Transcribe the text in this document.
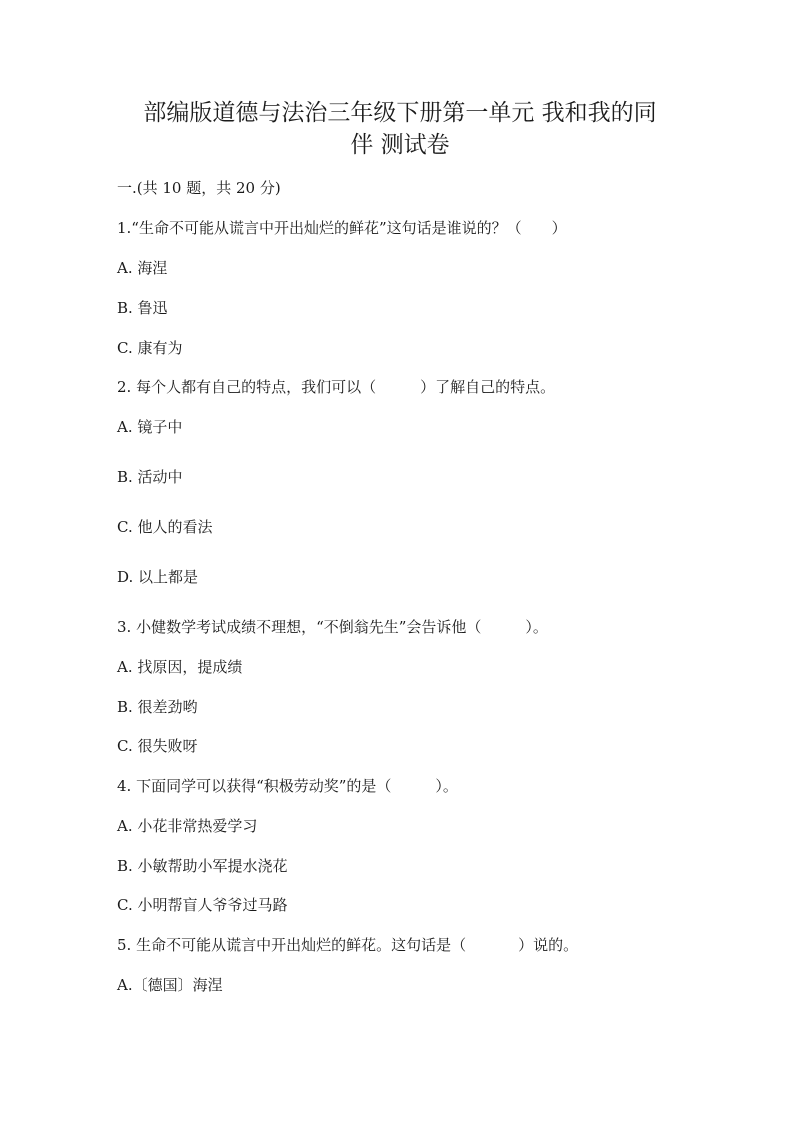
部编版道德与法治三年级下册第一单元 我和我的同
伴 测试卷

一.(共 10 题，共 20 分)

1.“生命不可能从谎言中开出灿烂的鲜花”这句话是谁说的？（ ）

A. 海涅

B. 鲁迅

C. 康有为

2. 每个人都有自己的特点，我们可以（	）了解自己的特点。

A. 镜子中

B. 活动中

C. 他人的看法

D. 以上都是

3. 小健数学考试成绩不理想，“不倒翁先生”会告诉他（	）。

A. 找原因，提成绩

B. 很差劲哟

C. 很失败呀

4. 下面同学可以获得“积极劳动奖”的是（	）。

A. 小花非常热爱学习

B. 小敏帮助小军提水浇花

C. 小明帮盲人爷爷过马路

5. 生命不可能从谎言中开出灿烂的鲜花。这句话是（	）说的。

A.〔德国〕海涅
